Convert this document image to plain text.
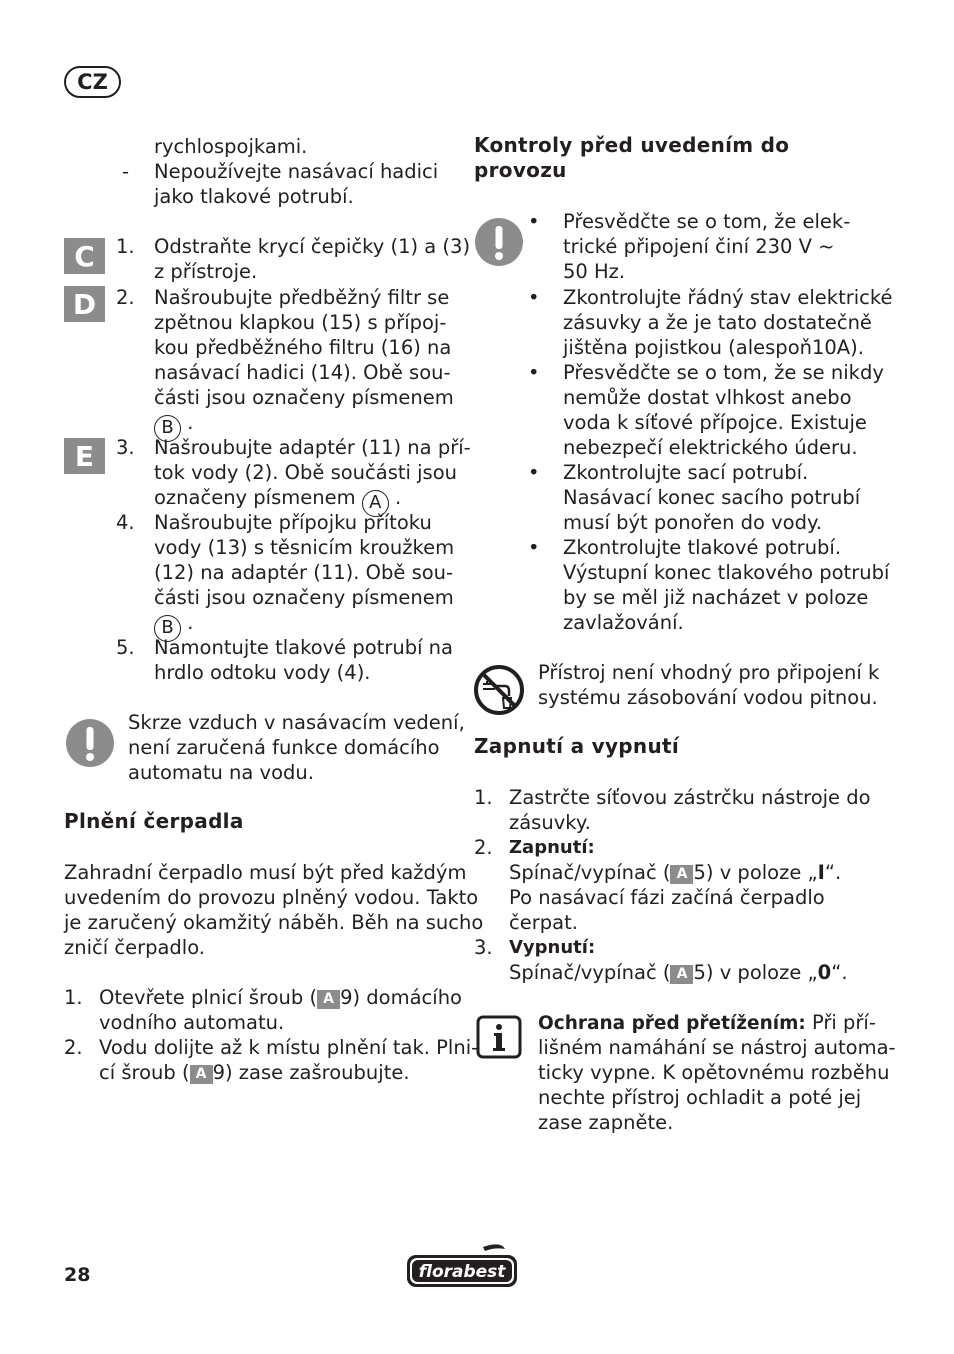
CZ
C
D
E
rychlospojkami.
- Nepoužívejte nasávací hadici
jako tlakové potrubí.
1. Odstraňte krycí čepičky (1) a (3)
z přístroje.
2. Našroubujte předběžný filtr se
zpětnou klapkou (15) s přípoj-
kou předběžného filtru (16) na
nasávací hadici (14). Obě sou-
části jsou označeny písmenem
B .
3. Našroubujte adaptér (11) na pří-
tok vody (2). Obě součásti jsou
označeny písmenem A .
4. Našroubujte přípojku přítoku
vody (13) s těsnicím kroužkem
(12) na adaptér (11). Obě sou-
části jsou označeny písmenem
B .
5. Namontujte tlakové potrubí na
hrdlo odtoku vody (4).
Skrze vzduch v nasávacím vedení,
není zaručená funkce domácího
automatu na vodu.
Plnění čerpadla
Zahradní čerpadlo musí být před každým
uvedením do provozu plněný vodou. Takto
je zaručený okamžitý náběh. Běh na sucho
zničí čerpadlo.
1. Otevřete plnicí šroub ( A 9) domácího
vodního automatu.
2. Vodu dolijte až k místu plnění tak. Plni-
cí šroub ( A 9) zase zašroubujte.
Kontroly před uvedením do
provozu
• Přesvědčte se o tom, že elek-
trické připojení činí 230 V ~
50 Hz.
• Zkontrolujte řádný stav elektrické
zásuvky a že je tato dostatečně
jištěna pojistkou (alespoň10A).
• Přesvědčte se o tom, že se nikdy
nemůže dostat vlhkost anebo
voda k síťové přípojce. Existuje
nebezpečí elektrického úderu.
• Zkontrolujte sací potrubí.
Nasávací konec sacího potrubí
musí být ponořen do vody.
• Zkontrolujte tlakové potrubí.
Výstupní konec tlakového potrubí
by se měl již nacházet v poloze
zavlažování.
Přístroj není vhodný pro připojení k
systému zásobování vodou pitnou.
Zapnutí a vypnutí
1. Zastrčte síťovou zástrčku nástroje do
zásuvky.
2. Zapnutí:
Spínač/vypínač ( A 5) v poloze „I“.
Po nasávací fázi začíná čerpadlo
čerpat.
3. Vypnutí:
Spínač/vypínač ( A 5) v poloze „0“.
Ochrana před přetížením: Při pří-
lišném namáhání se nástroj automa-
ticky vypne. K opětovnému rozběhu
nechte přístroj ochladit a poté jej
zase zapněte.
28	florabest
